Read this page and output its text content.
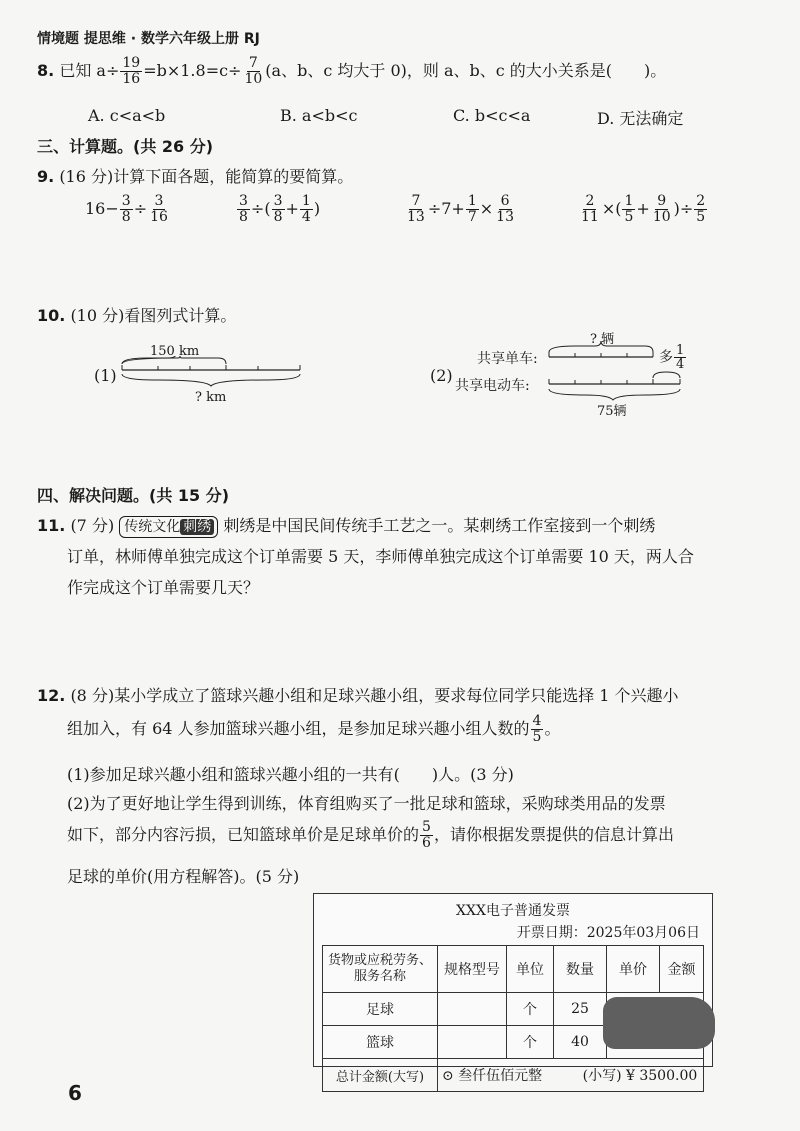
情境题 提思维 · 数学六年级上册 RJ
8. 已知 $a\div \frac{19}{16} =b\times 1.8=c\div \frac{7}{10} (a$、b、c 均大于 0)，则 a、b、c 的大小关系是(　　)。
A. c<a<b	B. a<b<c	C. b<c<a	D. 无法确定
三、计算题。(共 26 分)
9. (16 分)计算下面各题，能简算的要简算。
$16- \frac{3}{8} \div \frac{3}{16}$	$\frac{3}{8}$ ÷( $\frac{3}{8} + \frac{1}{4}$ )	$\frac{7}{13} \div 7+ \frac{1}{7} \times \frac{6}{13}$	$\frac{2}{11}$ ×( $\frac{1}{5} + \frac{9}{10}$ )÷ $\frac{2}{5}$
10. (10 分)看图列式计算。
(1)
150 km
? km
(2)
共享单车:
共享电动车:
? 辆
75辆
多 $\frac{1}{4}$
四、解决问题。(共 15 分)
11. (7 分) 传统文化 刺绣 刺绣是中国民间传统手工艺之一。某刺绣工作室接到一个刺绣
订单，林师傅单独完成这个订单需要 5 天，李师傅单独完成这个订单需要 10 天，两人合
作完成这个订单需要几天？
12. (8 分)某小学成立了篮球兴趣小组和足球兴趣小组，要求每位同学只能选择 1 个兴趣小
组加入，有 64 人参加篮球兴趣小组，是参加足球兴趣小组人数的 $\frac{4}{5}$ 。
(1)参加足球兴趣小组和篮球兴趣小组的一共有(　　)人。(3 分)
(2)为了更好地让学生得到训练，体育组购买了一批足球和篮球，采购球类用品的发票
如下，部分内容污损，已知篮球单价是足球单价的 $\frac{5}{6}$ ，请你根据发票提供的信息计算出
足球的单价(用方程解答)。(5 分)
XXX电子普通发票
开票日期：2025年03月06日
货物或应税劳务、服务名称	规格型号	单位	数量	单价	金额
足球		个	25		

篮球		个	40		
总计金额(大写)	⊙ 叁仟伍佰元整 (小写) ¥ 3500.00				
6
